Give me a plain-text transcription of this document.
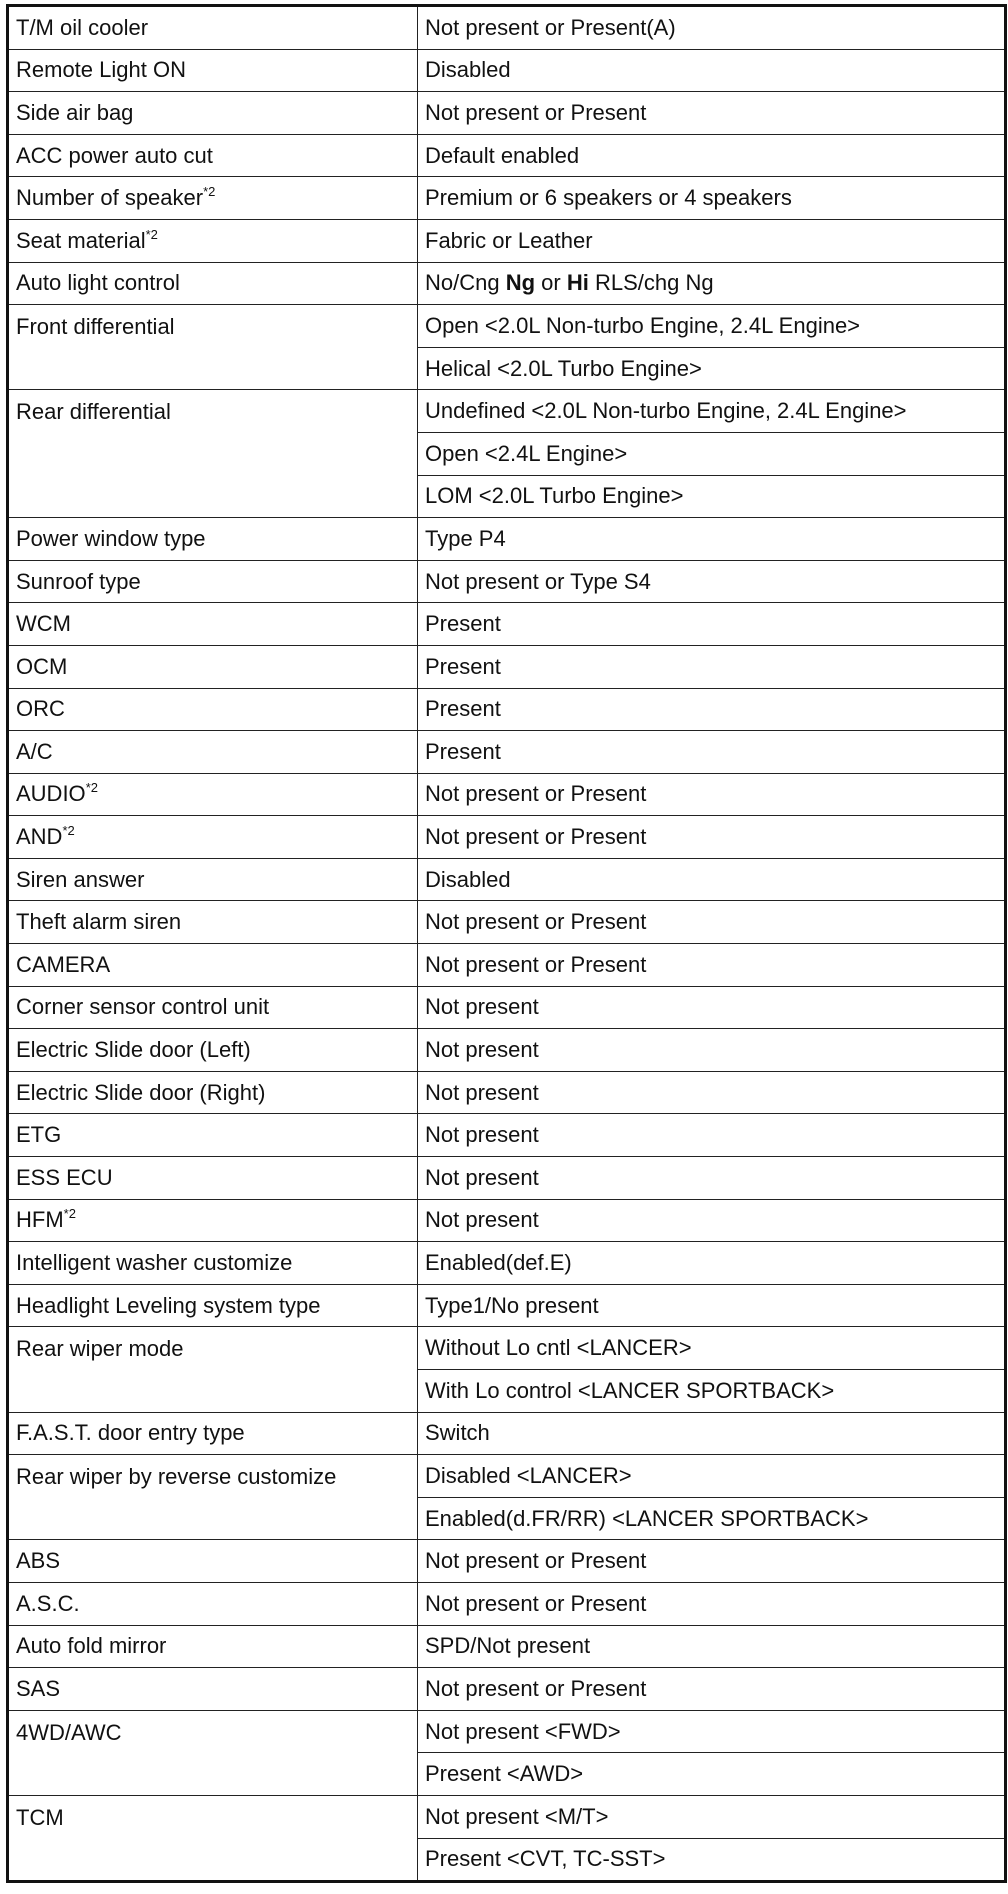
T/M oil cooler	Not present or Present(A)
Remote Light ON	Disabled
Side air bag	Not present or Present
ACC power auto cut	Default enabled
Number of speaker$^{*2}$	Premium or 6 speakers or 4 speakers
Seat material$^{*2}$	Fabric or Leather
Auto light control	No/Cng Ng or Hi RLS/chg Ng
Front differential	Open <2.0L Non-turbo Engine, 2.4L Engine>
	Helical <2.0L Turbo Engine>
Rear differential	Undefined <2.0L Non-turbo Engine, 2.4L Engine>
	Open <2.4L Engine>
	LOM <2.0L Turbo Engine>
Power window type	Type P4
Sunroof type	Not present or Type S4
WCM	Present
OCM	Present
ORC	Present
A/C	Present
AUDIO$^{*2}$	Not present or Present
AND$^{*2}$	Not present or Present
Siren answer	Disabled
Theft alarm siren	Not present or Present
CAMERA	Not present or Present
Corner sensor control unit	Not present
Electric Slide door (Left)	Not present
Electric Slide door (Right)	Not present
ETG	Not present
ESS ECU	Not present
HFM$^{*2}$	Not present
Intelligent washer customize	Enabled(def.E)
Headlight Leveling system type	Type1/No present
Rear wiper mode	Without Lo cntl <LANCER>
	With Lo control <LANCER SPORTBACK>
F.A.S.T. door entry type	Switch
Rear wiper by reverse customize	Disabled <LANCER>
	Enabled(d.FR/RR) <LANCER SPORTBACK>
ABS	Not present or Present
A.S.C.	Not present or Present
Auto fold mirror	SPD/Not present
SAS	Not present or Present
4WD/AWC	Not present <FWD>
	Present <AWD>
TCM	Not present <M/T>
	Present <CVT, TC-SST>
